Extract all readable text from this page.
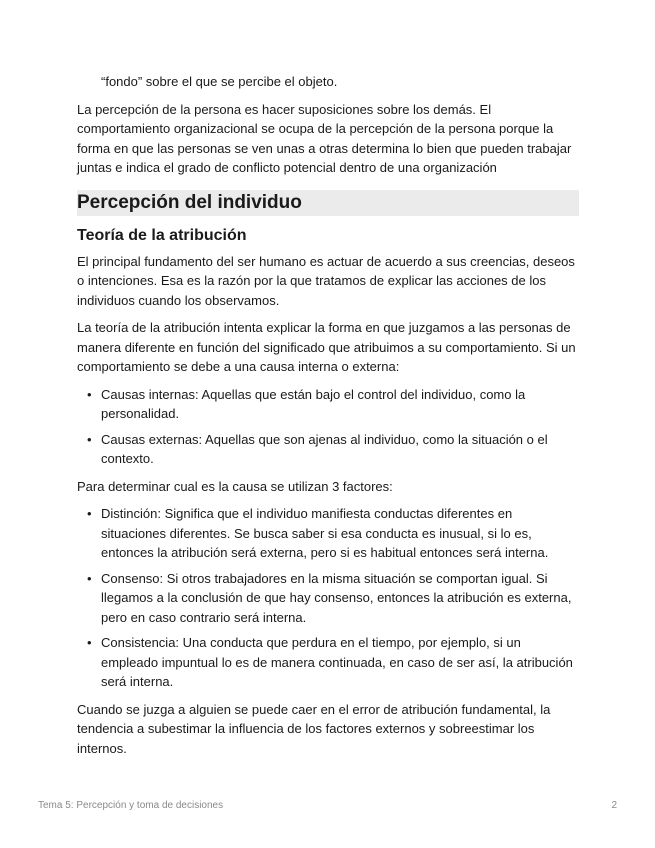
“fondo” sobre el que se percibe el objeto.

La percepción de la persona es hacer suposiciones sobre los demás. El comportamiento organizacional se ocupa de la percepción de la persona porque la forma en que las personas se ven unas a otras determina lo bien que pueden trabajar juntas e indica el grado de conflicto potencial dentro de una organización

Percepción del individuo
Teoría de la atribución

El principal fundamento del ser humano es actuar de acuerdo a sus creencias, deseos o intenciones. Esa es la razón por la que tratamos de explicar las acciones de los individuos cuando los observamos.

La teoría de la atribución intenta explicar la forma en que juzgamos a las personas de manera diferente en función del significado que atribuimos a su comportamiento. Si un comportamiento se debe a una causa interna o externa:

• Causas internas: Aquellas que están bajo el control del individuo, como la personalidad.
• Causas externas: Aquellas que son ajenas al individuo, como la situación o el contexto.

Para determinar cual es la causa se utilizan 3 factores:

• Distinción: Significa que el individuo manifiesta conductas diferentes en situaciones diferentes. Se busca saber si esa conducta es inusual, si lo es, entonces la atribución será externa, pero si es habitual entonces será interna.
• Consenso: Si otros trabajadores en la misma situación se comportan igual. Si llegamos a la conclusión de que hay consenso, entonces la atribución es externa, pero en caso contrario será interna.
• Consistencia: Una conducta que perdura en el tiempo, por ejemplo, si un empleado impuntual lo es de manera continuada, en caso de ser así, la atribución será interna.

Cuando se juzga a alguien se puede caer en el error de atribución fundamental, la tendencia a subestimar la influencia de los factores externos y sobreestimar los internos.

Tema 5: Percepción y toma de decisiones	2
